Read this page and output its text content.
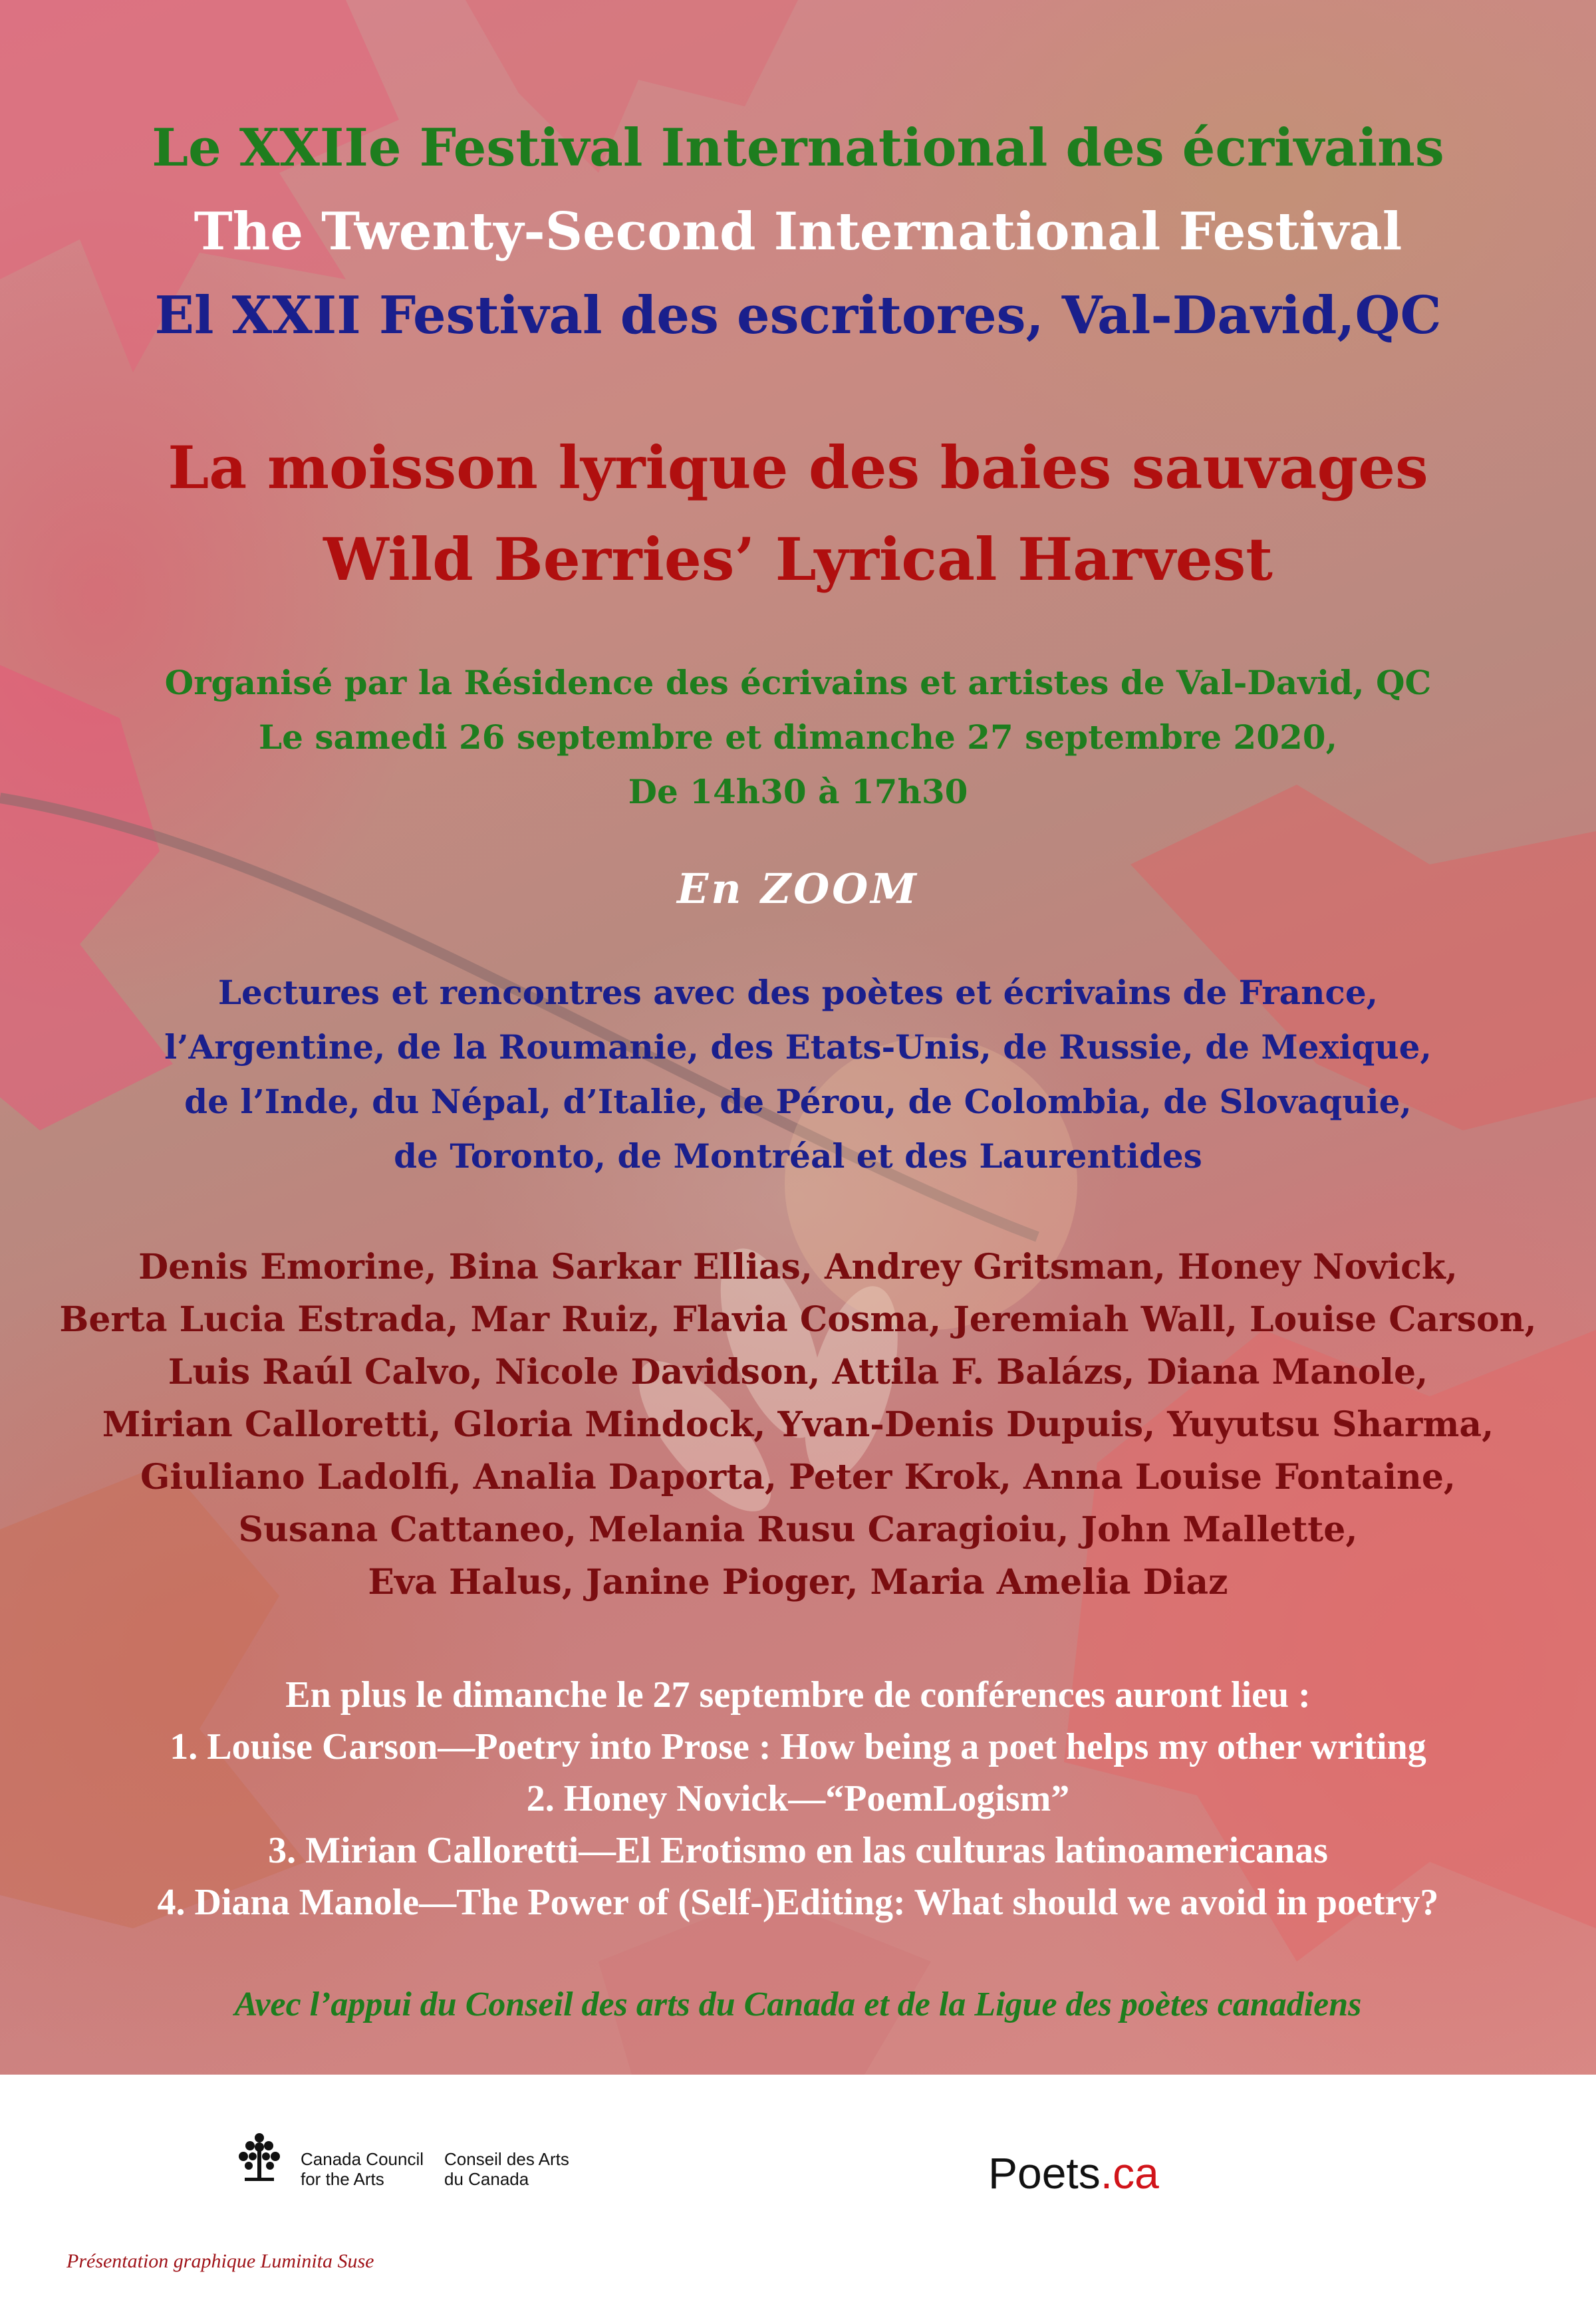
Le XXIIe Festival International des écrivains
The Twenty-Second International Festival
El XXII Festival des escritores, Val-David,QC
La moisson lyrique des baies sauvages
Wild Berries’ Lyrical Harvest
Organisé par la Résidence des écrivains et artistes de Val-David, QC
Le samedi 26 septembre et dimanche 27 septembre 2020,
De 14h30 à 17h30
En ZOOM
Lectures et rencontres avec des poètes et écrivains de France,
l’Argentine, de la Roumanie, des Etats-Unis, de Russie, de Mexique,
de l’Inde, du Népal, d’Italie, de Pérou, de Colombia, de Slovaquie,
de Toronto, de Montréal et des Laurentides
Denis Emorine, Bina Sarkar Ellias, Andrey Gritsman, Honey Novick,
Berta Lucia Estrada, Mar Ruiz, Flavia Cosma, Jeremiah Wall, Louise Carson,
Luis Raúl Calvo, Nicole Davidson, Attila F. Balázs, Diana Manole,
Mirian Calloretti, Gloria Mindock, Yvan-Denis Dupuis, Yuyutsu Sharma,
Giuliano Ladolfi, Analia Daporta, Peter Krok, Anna Louise Fontaine,
Susana Cattaneo, Melania Rusu Caragioiu, John Mallette,
Eva Halus, Janine Pioger, Maria Amelia Diaz
En plus le dimanche le 27 septembre de conférences auront lieu :
1. Louise Carson—Poetry into Prose : How being a poet helps my other writing
2. Honey Novick—“PoemLogism”
3. Mirian Calloretti—El Erotismo en las culturas latinoamericanas
4. Diana Manole—The Power of (Self-)Editing: What should we avoid in poetry?
Avec l’appui du Conseil des arts du Canada et de la Ligue des poètes canadiens
Canada Council
for the Arts
Conseil des Arts
du Canada	Poets.ca
Présentation graphique Luminita Suse
